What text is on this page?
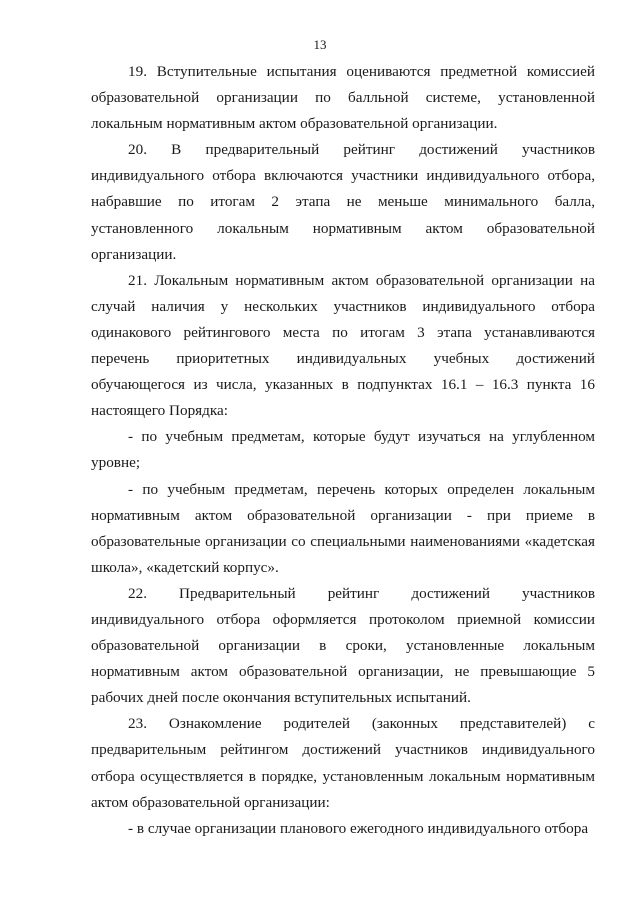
13

19. Вступительные испытания оцениваются предметной комиссией образовательной организации по балльной системе, установленной локальным нормативным актом образовательной организации.

20. В предварительный рейтинг достижений участников индивидуального отбора включаются участники индивидуального отбора, набравшие по итогам 2 этапа не меньше минимального балла, установленного локальным нормативным актом образовательной организации.

21. Локальным нормативным актом образовательной организации на случай наличия у нескольких участников индивидуального отбора одинакового рейтингового места по итогам 3 этапа устанавливаются перечень приоритетных индивидуальных учебных достижений обучающегося из числа, указанных в подпунктах 16.1 – 16.3 пункта 16 настоящего Порядка:

- по учебным предметам, которые будут изучаться на углубленном уровне;

- по учебным предметам, перечень которых определен локальным нормативным актом образовательной организации - при приеме в образовательные организации со специальными наименованиями «кадетская школа», «кадетский корпус».

22. Предварительный рейтинг достижений участников индивидуального отбора оформляется протоколом приемной комиссии образовательной организации в сроки, установленные локальным нормативным актом образовательной организации, не превышающие 5 рабочих дней после окончания вступительных испытаний.

23. Ознакомление родителей (законных представителей) с предварительным рейтингом достижений участников индивидуального отбора осуществляется в порядке, установленным локальным нормативным актом образовательной организации:

- в случае организации планового ежегодного индивидуального отбора
